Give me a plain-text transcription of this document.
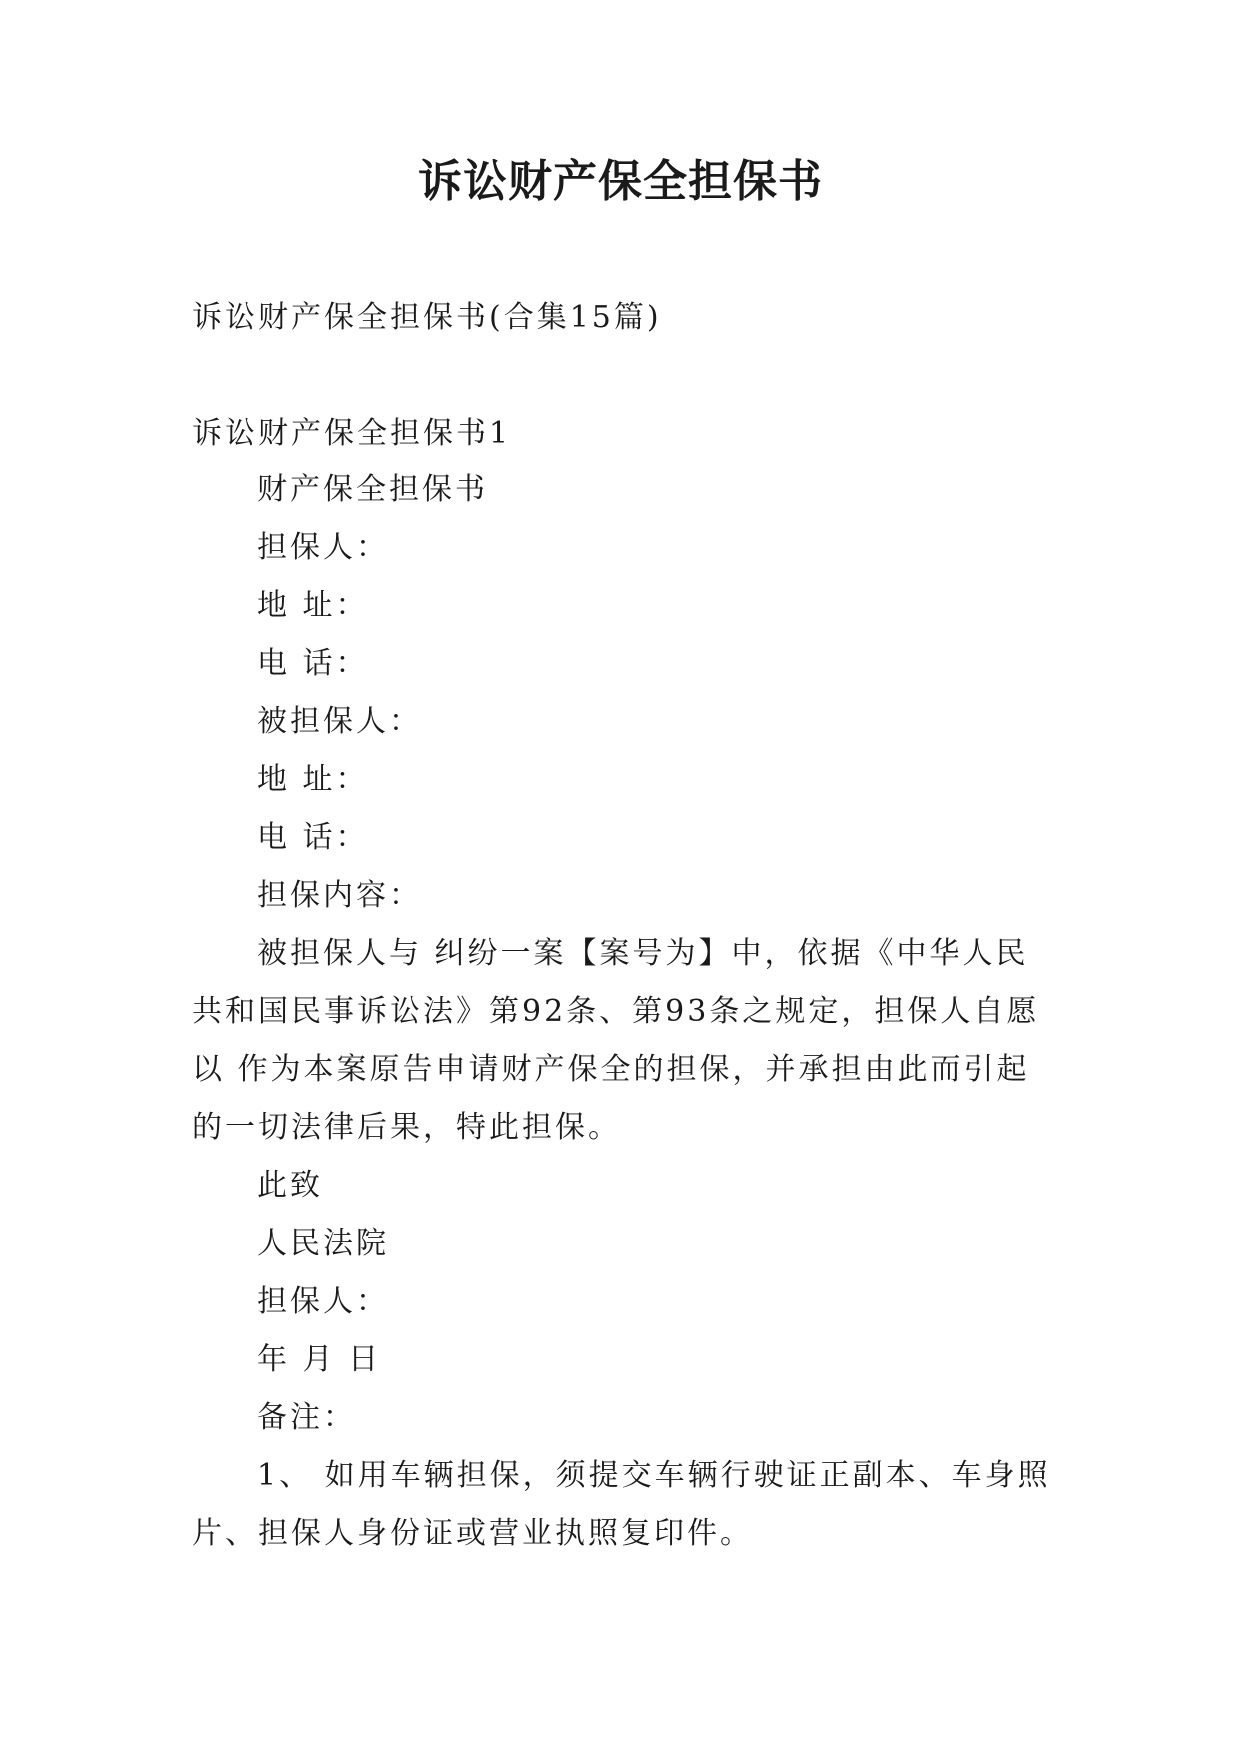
诉讼财产保全担保书
诉讼财产保全担保书(合集15篇)
诉讼财产保全担保书1
财产保全担保书
担保人：
地 址：
电 话：
被担保人：
地 址：
电 话：
担保内容：
被担保人与 纠纷一案【案号为】中，依据《中华人民
共和国民事诉讼法》第92条、第93条之规定，担保人自愿
以 作为本案原告申请财产保全的担保，并承担由此而引起
的一切法律后果，特此担保。
此致
人民法院
担保人：
年 月 日
备注：
1、 如用车辆担保，须提交车辆行驶证正副本、车身照
片、担保人身份证或营业执照复印件。
